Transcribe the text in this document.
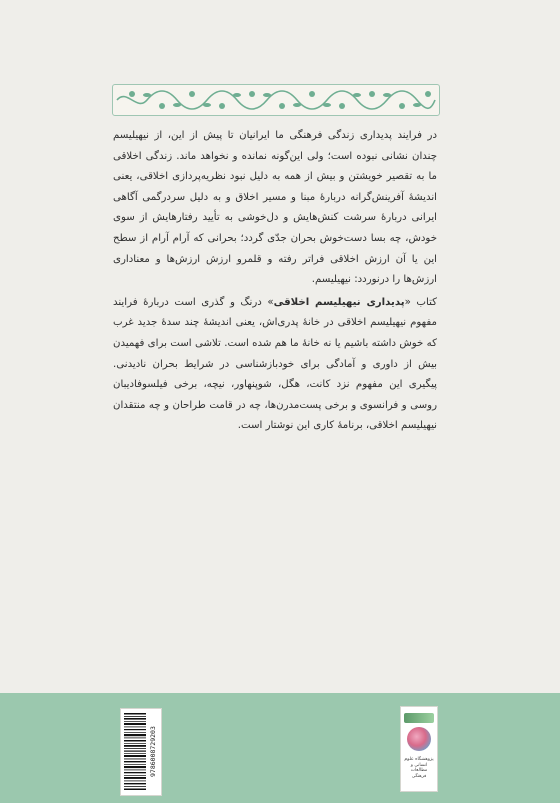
در فرایند پدیداری زندگی فرهنگی ما ایرانیان تا پیش از این، از نیهیلیسم چندان نشانی نبوده است؛ ولی این‌گونه نمانده و نخواهد ماند. زندگی اخلاقی ما به تقصیر خویشتن و بیش از همه به دلیل نبود نظریه‌پردازی اخلاقی، یعنی اندیشهٔ آفرینش‌گرانه دربارهٔ مبنا و مسیر اخلاق و به دلیل سردرگمی آگاهی ایرانی دربارهٔ سرشت کنش‌هایش و دل‌خوشی به تأیید رفتارهایش از سوی خودش، چه بسا دست‌خوش بحران جدّی گردد؛ بحرانی که آرام آرام از سطح این یا آن ارزش اخلاقی فراتر رفته و قلمرو ارزش ارزش‌ها و معناداری ارزش‌ها را درنوردد: نیهیلیسم.

کتاب «پدیداری نیهیلیسم اخلاقی» درنگ و گذری است دربارهٔ فرایند مفهوم نیهیلیسم اخلاقی در خانهٔ پدری‌اش، یعنی اندیشهٔ چند سدهٔ جدید غرب که خوش داشته باشیم یا نه خانهٔ ما هم شده است. تلاشی است برای فهمیدن بیش از داوری و آمادگی برای خودبازشناسی در شرایط بحران نادیدنی. پیگیری این مفهوم نزد کانت، هگل، شوپنهاور، نیچه، برخی فیلسوفادیبان روسی و فرانسوی و برخی پست‌مدرن‌ها، چه در قامت طراحان و چه منتقدان نیهیلیسم اخلاقی، برنامهٔ کاری این نوشتار است.

9786008729203	پژوهشگاه علوم انسانی و مطالعات فرهنگی
